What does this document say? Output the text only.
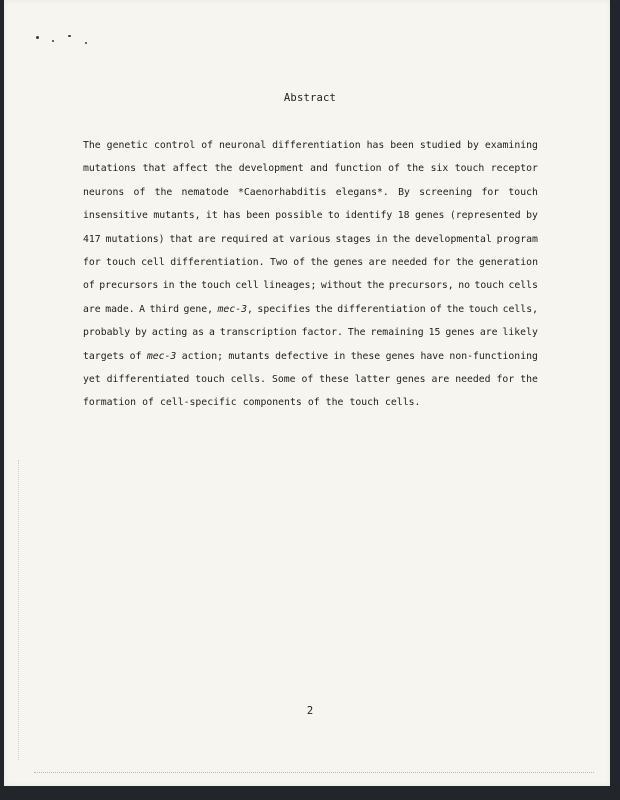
Abstract
The genetic control of neuronal differentiation has been studied by examining
mutations that affect the development and function of the six touch receptor
neurons of the nematode *Caenorhabditis elegans*. By screening for touch
insensitive mutants, it has been possible to identify 18 genes (represented by
417 mutations) that are required at various stages in the developmental program
for touch cell differentiation. Two of the genes are needed for the generation
of precursors in the touch cell lineages; without the precursors, no touch cells
are made. A third gene, mec-3, specifies the differentiation of the touch cells,
probably by acting as a transcription factor. The remaining 15 genes are likely
targets of mec-3 action; mutants defective in these genes have non-functioning
yet differentiated touch cells. Some of these latter genes are needed for the
formation of cell-specific components of the touch cells.
2
